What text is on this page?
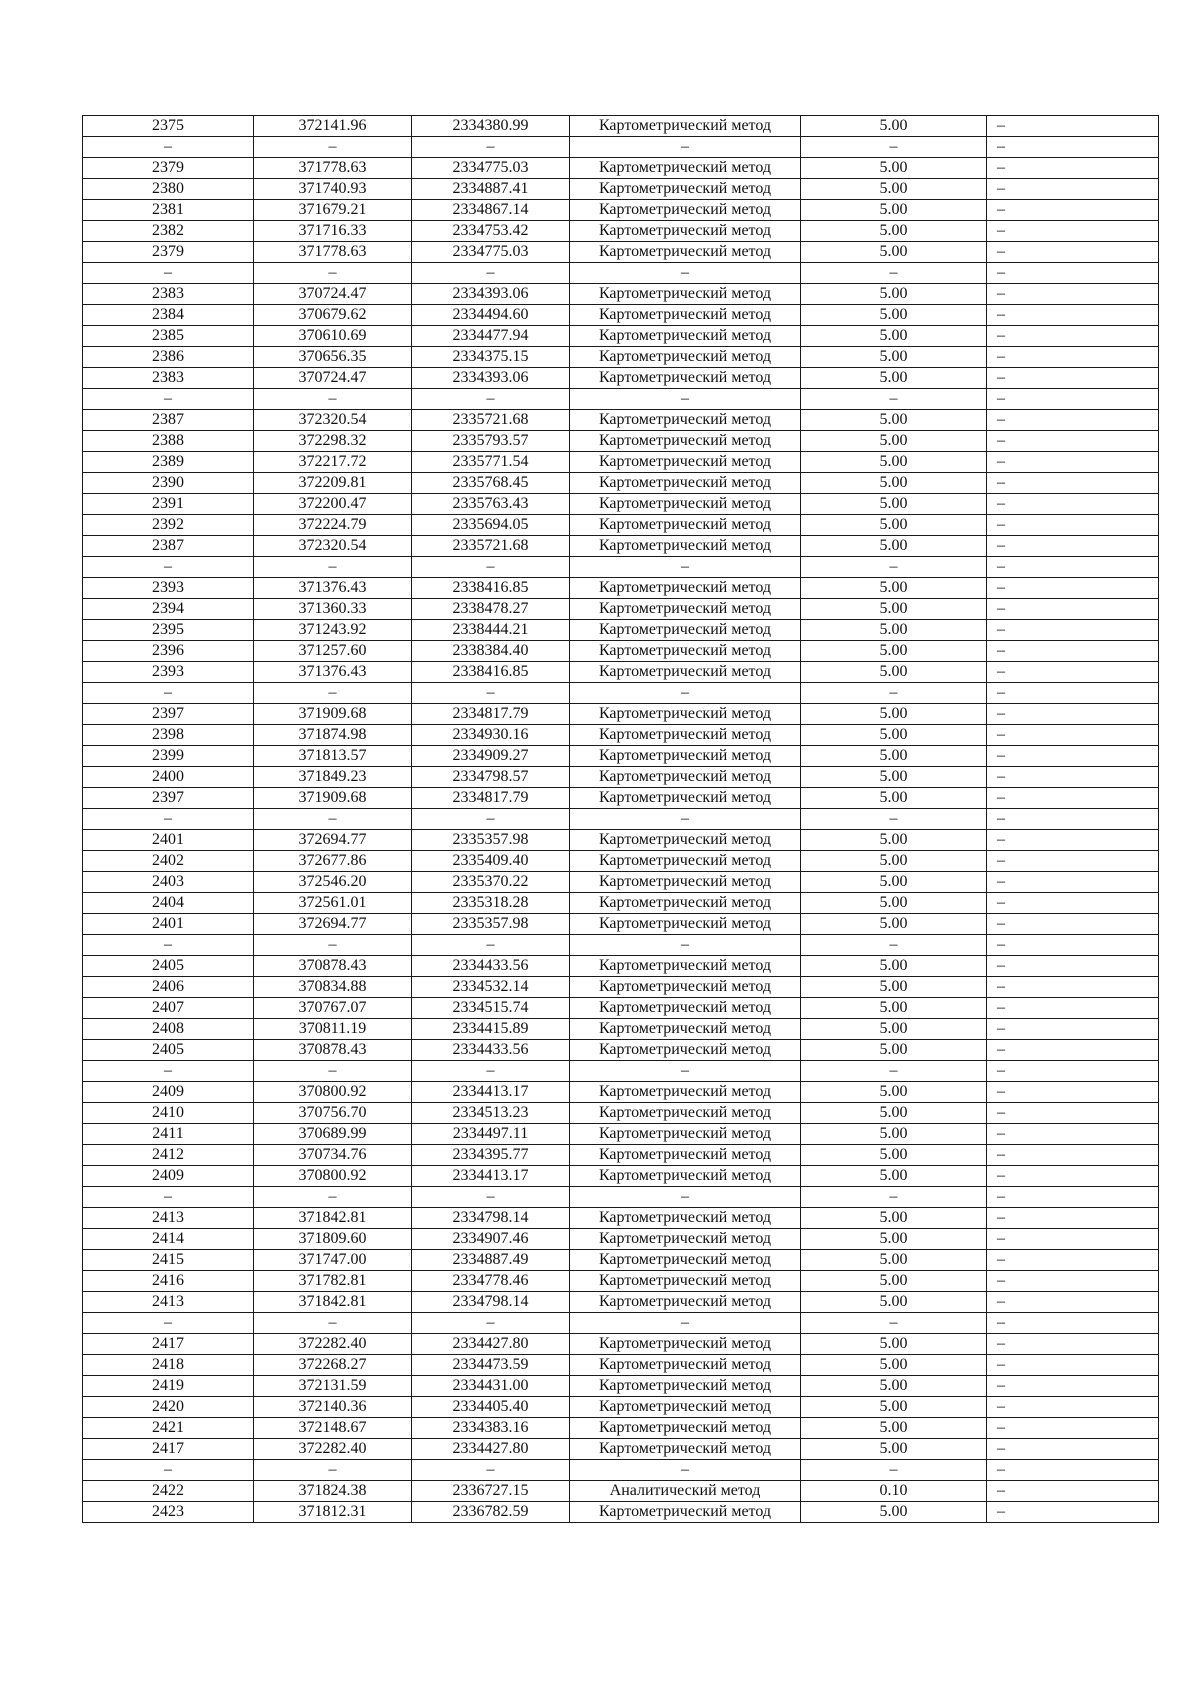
2375	372141.96	2334380.99	Картометрический метод	5.00	–
–	–	–	–	–	–
2379	371778.63	2334775.03	Картометрический метод	5.00	–
2380	371740.93	2334887.41	Картометрический метод	5.00	–
2381	371679.21	2334867.14	Картометрический метод	5.00	–
2382	371716.33	2334753.42	Картометрический метод	5.00	–
2379	371778.63	2334775.03	Картометрический метод	5.00	–
–	–	–	–	–	–
2383	370724.47	2334393.06	Картометрический метод	5.00	–
2384	370679.62	2334494.60	Картометрический метод	5.00	–
2385	370610.69	2334477.94	Картометрический метод	5.00	–
2386	370656.35	2334375.15	Картометрический метод	5.00	–
2383	370724.47	2334393.06	Картометрический метод	5.00	–
–	–	–	–	–	–
2387	372320.54	2335721.68	Картометрический метод	5.00	–
2388	372298.32	2335793.57	Картометрический метод	5.00	–
2389	372217.72	2335771.54	Картометрический метод	5.00	–
2390	372209.81	2335768.45	Картометрический метод	5.00	–
2391	372200.47	2335763.43	Картометрический метод	5.00	–
2392	372224.79	2335694.05	Картометрический метод	5.00	–
2387	372320.54	2335721.68	Картометрический метод	5.00	–
–	–	–	–	–	–
2393	371376.43	2338416.85	Картометрический метод	5.00	–
2394	371360.33	2338478.27	Картометрический метод	5.00	–
2395	371243.92	2338444.21	Картометрический метод	5.00	–
2396	371257.60	2338384.40	Картометрический метод	5.00	–
2393	371376.43	2338416.85	Картометрический метод	5.00	–
–	–	–	–	–	–
2397	371909.68	2334817.79	Картометрический метод	5.00	–
2398	371874.98	2334930.16	Картометрический метод	5.00	–
2399	371813.57	2334909.27	Картометрический метод	5.00	–
2400	371849.23	2334798.57	Картометрический метод	5.00	–
2397	371909.68	2334817.79	Картометрический метод	5.00	–
–	–	–	–	–	–
2401	372694.77	2335357.98	Картометрический метод	5.00	–
2402	372677.86	2335409.40	Картометрический метод	5.00	–
2403	372546.20	2335370.22	Картометрический метод	5.00	–
2404	372561.01	2335318.28	Картометрический метод	5.00	–
2401	372694.77	2335357.98	Картометрический метод	5.00	–
–	–	–	–	–	–
2405	370878.43	2334433.56	Картометрический метод	5.00	–
2406	370834.88	2334532.14	Картометрический метод	5.00	–
2407	370767.07	2334515.74	Картометрический метод	5.00	–
2408	370811.19	2334415.89	Картометрический метод	5.00	–
2405	370878.43	2334433.56	Картометрический метод	5.00	–
–	–	–	–	–	–
2409	370800.92	2334413.17	Картометрический метод	5.00	–
2410	370756.70	2334513.23	Картометрический метод	5.00	–
2411	370689.99	2334497.11	Картометрический метод	5.00	–
2412	370734.76	2334395.77	Картометрический метод	5.00	–
2409	370800.92	2334413.17	Картометрический метод	5.00	–
–	–	–	–	–	–
2413	371842.81	2334798.14	Картометрический метод	5.00	–
2414	371809.60	2334907.46	Картометрический метод	5.00	–
2415	371747.00	2334887.49	Картометрический метод	5.00	–
2416	371782.81	2334778.46	Картометрический метод	5.00	–
2413	371842.81	2334798.14	Картометрический метод	5.00	–
–	–	–	–	–	–
2417	372282.40	2334427.80	Картометрический метод	5.00	–
2418	372268.27	2334473.59	Картометрический метод	5.00	–
2419	372131.59	2334431.00	Картометрический метод	5.00	–
2420	372140.36	2334405.40	Картометрический метод	5.00	–
2421	372148.67	2334383.16	Картометрический метод	5.00	–
2417	372282.40	2334427.80	Картометрический метод	5.00	–
–	–	–	–	–	–
2422	371824.38	2336727.15	Аналитический метод	0.10	–
2423	371812.31	2336782.59	Картометрический метод	5.00	–
